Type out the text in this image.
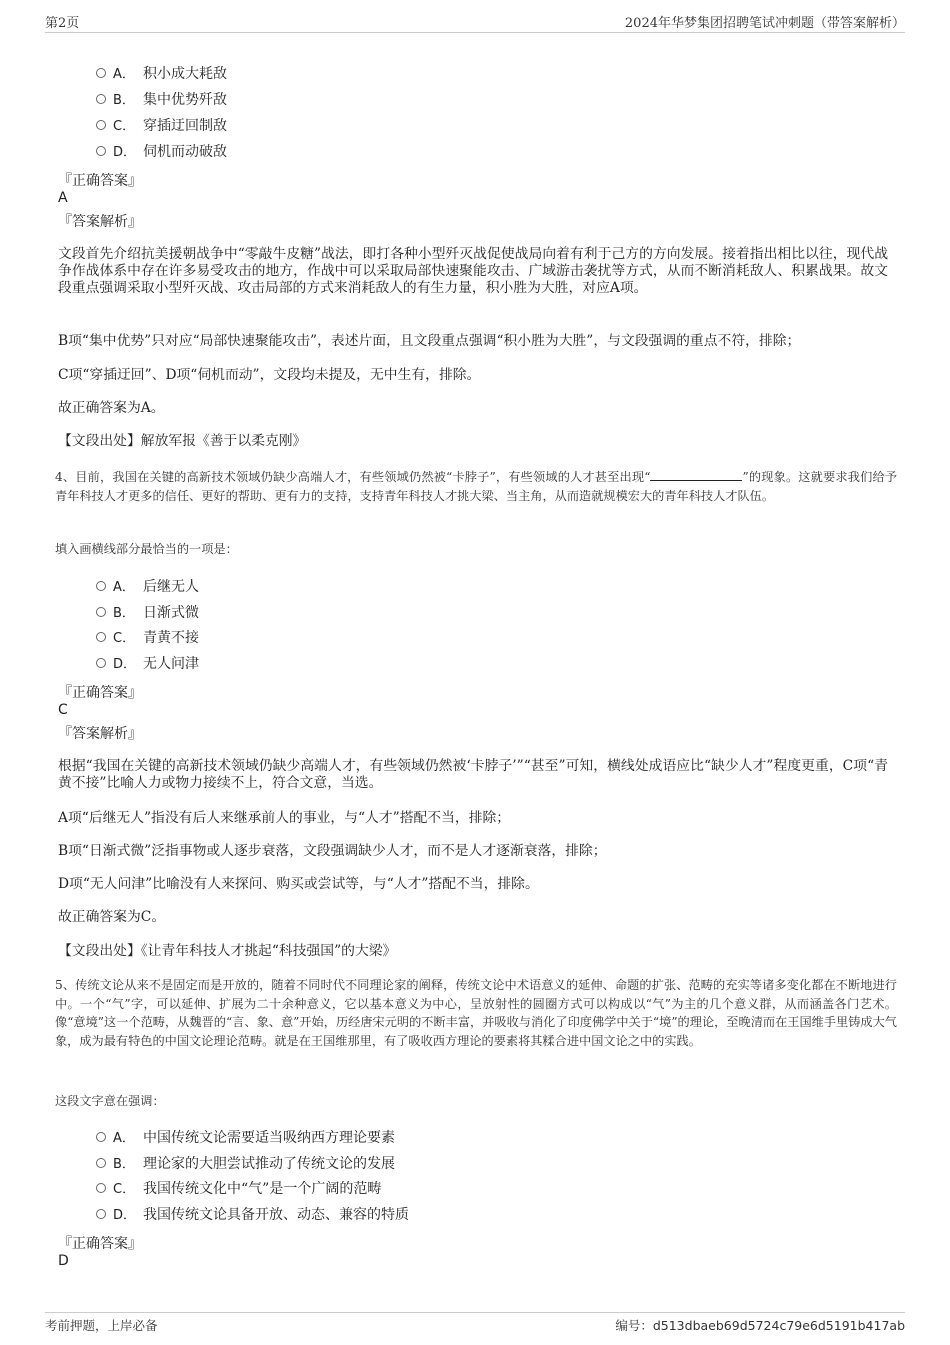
第2页	2024年华梦集团招聘笔试冲刺题（带答案解析）
A． 积小成大耗敌
B． 集中优势歼敌
C． 穿插迂回制敌
D． 伺机而动破敌
『正确答案』
A
『答案解析』
文段首先介绍抗美援朝战争中“零敲牛皮糖”战法，即打各种小型歼灭战促使战局向着有利于己方的方向发展。接着指出相比以往，现代战争作战体系中存在许多易受攻击的地方，作战中可以采取局部快速聚能攻击、广域游击袭扰等方式，从而不断消耗敌人、积累战果。故文段重点强调采取小型歼灭战、攻击局部的方式来消耗敌人的有生力量，积小胜为大胜，对应A项。
B项“集中优势”只对应“局部快速聚能攻击”，表述片面，且文段重点强调“积小胜为大胜”，与文段强调的重点不符，排除；
C项“穿插迂回”、D项“伺机而动”，文段均未提及，无中生有，排除。
故正确答案为A。
【文段出处】解放军报《善于以柔克刚》
4、目前，我国在关键的高新技术领域仍缺少高端人才，有些领域仍然被“卡脖子”，有些领域的人才甚至出现“	”的现象。这就要求我们给予青年科技人才更多的信任、更好的帮助、更有力的支持，支持青年科技人才挑大梁、当主角，从而造就规模宏大的青年科技人才队伍。
填入画横线部分最恰当的一项是：
A． 后继无人
B． 日渐式微
C． 青黄不接
D． 无人问津
『正确答案』
C
『答案解析』
根据“我国在关键的高新技术领域仍缺少高端人才，有些领域仍然被‘卡脖子’”“甚至”可知，横线处成语应比“缺少人才”程度更重，C项“青黄不接”比喻人力或物力接续不上，符合文意，当选。
A项“后继无人”指没有后人来继承前人的事业，与“人才”搭配不当，排除；
B项“日渐式微”泛指事物或人逐步衰落，文段强调缺少人才，而不是人才逐渐衰落，排除；
D项“无人问津”比喻没有人来探问、购买或尝试等，与“人才”搭配不当，排除。
故正确答案为C。
【文段出处】《让青年科技人才挑起“科技强国”的大梁》
5、传统文论从来不是固定而是开放的，随着不同时代不同理论家的阐释，传统文论中术语意义的延伸、命题的扩张、范畴的充实等诸多变化都在不断地进行中。一个“气”字，可以延伸、扩展为二十余种意义，它以基本意义为中心，呈放射性的圆圈方式可以构成以“气”为主的几个意义群，从而涵盖各门艺术。像“意境”这一个范畴，从魏晋的“言、象、意”开始，历经唐宋元明的不断丰富，并吸收与消化了印度佛学中关于“境”的理论，至晚清而在王国维手里铸成大气象，成为最有特色的中国文论理论范畴。就是在王国维那里，有了吸收西方理论的要素将其糅合进中国文论之中的实践。
这段文字意在强调：
A． 中国传统文论需要适当吸纳西方理论要素
B． 理论家的大胆尝试推动了传统文论的发展
C． 我国传统文化中“气”是一个广阔的范畴
D． 我国传统文论具备开放、动态、兼容的特质
『正确答案』
D
考前押题，上岸必备	编号：d513dbaeb69d5724c79e6d5191b417ab
